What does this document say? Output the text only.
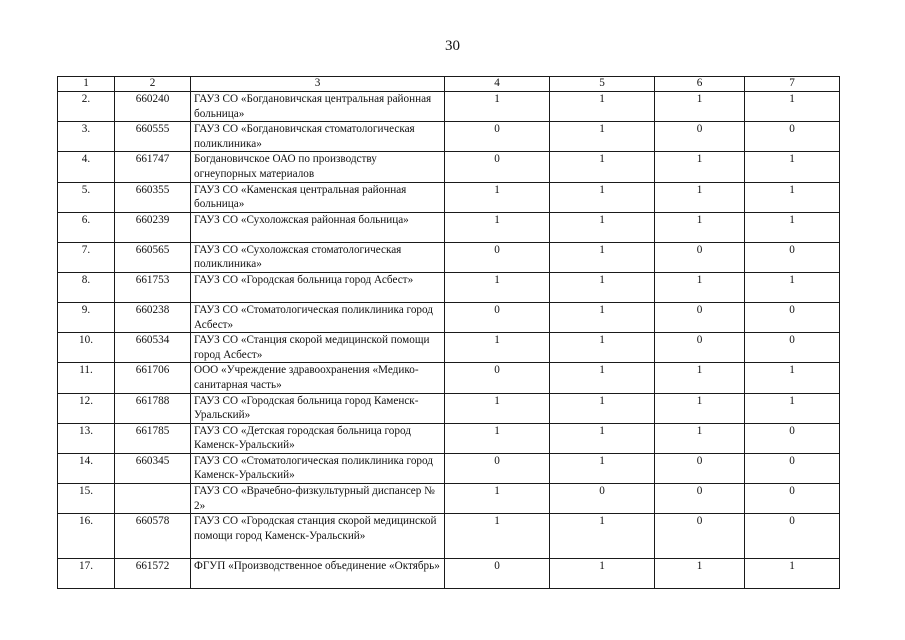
30
1	2	3	4	5	6	7
2.	660240	ГАУЗ СО «Богдановичская центральная районная больница»	1	1	1	1
3.	660555	ГАУЗ СО «Богдановичская стоматологическая поликлиника»	0	1	0	0
4.	661747	Богдановичское ОАО по производству огнеупорных материалов	0	1	1	1
5.	660355	ГАУЗ СО «Каменская центральная районная больница»	1	1	1	1
6.	660239	ГАУЗ СО «Сухоложская районная больница»	1	1	1	1
7.	660565	ГАУЗ СО «Сухоложская стоматологическая поликлиника»	0	1	0	0
8.	661753	ГАУЗ СО «Городская больница город Асбест»	1	1	1	1
9.	660238	ГАУЗ СО «Стоматологическая поликлиника город Асбест»	0	1	0	0
10.	660534	ГАУЗ СО «Станция скорой медицинской помощи город Асбест»	1	1	0	0
11.	661706	ООО «Учреждение здравоохранения «Медико-санитарная часть»	0	1	1	1
12.	661788	ГАУЗ СО «Городская больница город Каменск-Уральский»	1	1	1	1
13.	661785	ГАУЗ СО «Детская городская больница город Каменск-Уральский»	1	1	1	0
14.	660345	ГАУЗ СО «Стоматологическая поликлиника город Каменск-Уральский»	0	1	0	0
15.		ГАУЗ СО «Врачебно-физкультурный диспансер № 2»	1	0	0	0
16.	660578	ГАУЗ СО «Городская станция скорой медицинской помощи город Каменск-Уральский»	1	1	0	0
17.	661572	ФГУП «Производственное объединение «Октябрь»	0	1	1	1
